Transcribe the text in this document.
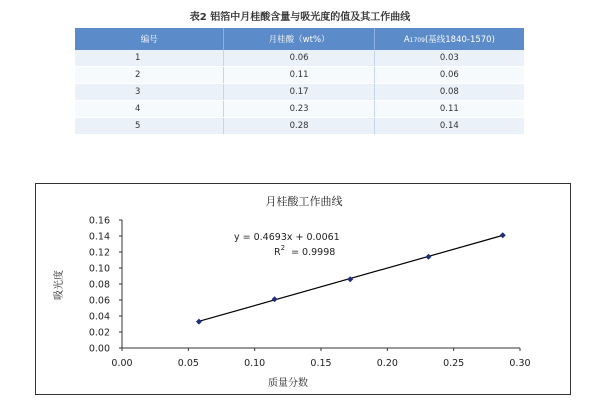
表2 铝箔中月桂酸含量与吸光度的值及其工作曲线
编号	月桂酸（wt%）	A1709(基线1840-1570)
1	0.06	0.03
2	0.11	0.06
3	0.17	0.08
4	0.23	0.11
5	0.28	0.14
月桂酸工作曲线
0.00
0.02
0.04
0.06
0.08
0.10
0.12
0.14
0.16
0.00	0.05	0.10	0.15	0.20	0.25	0.30
y = 0.4693x + 0.0061
$R^2 = 0.9998$
质量分数
吸光度
